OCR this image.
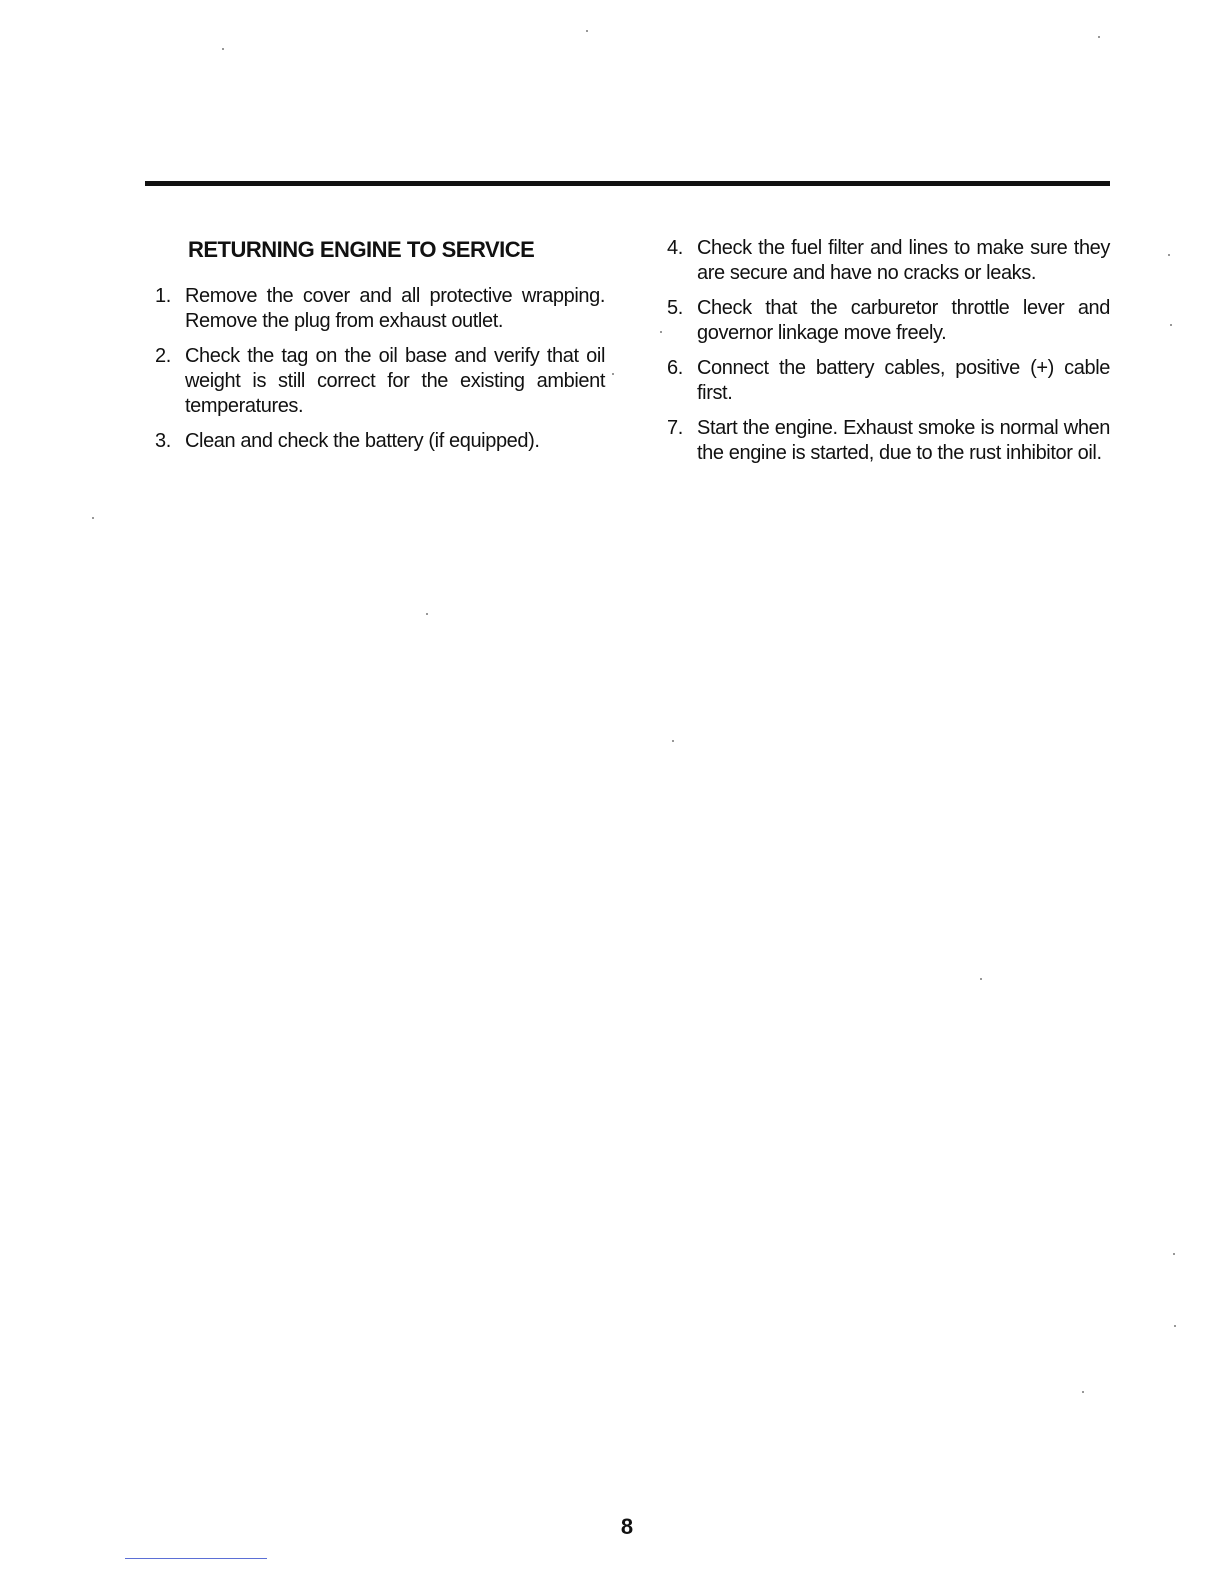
RETURNING ENGINE TO SERVICE
1. Remove the cover and all protective wrapping. Remove the plug from exhaust outlet.
2. Check the tag on the oil base and verify that oil weight is still correct for the existing ambient temperatures.
3. Clean and check the battery (if equipped).
4. Check the fuel filter and lines to make sure they are secure and have no cracks or leaks.
5. Check that the carburetor throttle lever and governor linkage move freely.
6. Connect the battery cables, positive (+) cable first.
7. Start the engine. Exhaust smoke is normal when the engine is started, due to the rust inhibitor oil.
8
